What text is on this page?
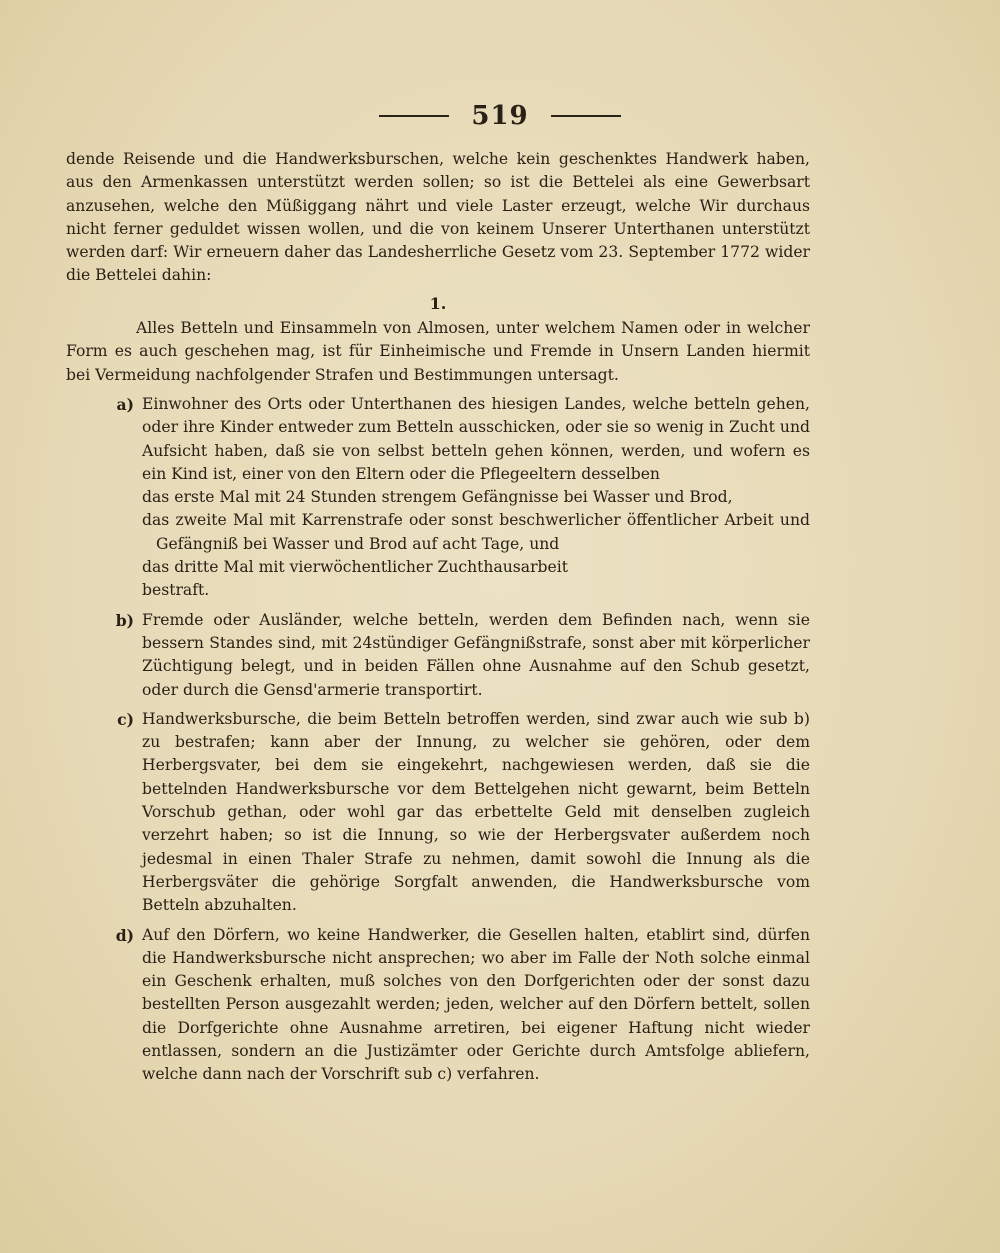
519

dende Reisende und die Handwerksburschen, welche kein geschenktes Handwerk haben, aus den Armenkassen unterstützt werden sollen; so ist die Bettelei als eine Gewerbsart anzusehen, welche den Müßiggang nährt und viele Laster erzeugt, welche Wir durchaus nicht ferner geduldet wissen wollen, und die von keinem Unserer Unterthanen unterstützt werden darf: Wir erneuern daher das Landesherrliche Gesetz vom 23. September 1772 wider die Bettelei dahin:

1.

Alles Betteln und Einsammeln von Almosen, unter welchem Namen oder in welcher Form es auch geschehen mag, ist für Einheimische und Fremde in Unsern Landen hiermit bei Vermeidung nachfolgender Strafen und Bestimmungen untersagt.

a) Einwohner des Orts oder Unterthanen des hiesigen Landes, welche betteln gehen, oder ihre Kinder entweder zum Betteln ausschicken, oder sie so wenig in Zucht und Aufsicht haben, daß sie von selbst betteln gehen können, werden, und wofern es ein Kind ist, einer von den Eltern oder die Pflegeeltern desselben

das erste Mal mit 24 Stunden strengem Gefängnisse bei Wasser und Brod,

das zweite Mal mit Karrenstrafe oder sonst beschwerlicher öffentlicher Arbeit und Gefängniß bei Wasser und Brod auf acht Tage, und

das dritte Mal mit vierwöchentlicher Zuchthausarbeit

bestraft.

b) Fremde oder Ausländer, welche betteln, werden dem Befinden nach, wenn sie bessern Standes sind, mit 24stündiger Gefängnißstrafe, sonst aber mit körperlicher Züchtigung belegt, und in beiden Fällen ohne Ausnahme auf den Schub gesetzt, oder durch die Gensd'armerie transportirt.

c) Handwerksbursche, die beim Betteln betroffen werden, sind zwar auch wie sub b) zu bestrafen; kann aber der Innung, zu welcher sie gehören, oder dem Herbergsvater, bei dem sie eingekehrt, nachgewiesen werden, daß sie die bettelnden Handwerksbursche vor dem Bettelgehen nicht gewarnt, beim Betteln Vorschub gethan, oder wohl gar das erbettelte Geld mit denselben zugleich verzehrt haben; so ist die Innung, so wie der Herbergsvater außerdem noch jedesmal in einen Thaler Strafe zu nehmen, damit sowohl die Innung als die Herbergsväter die gehörige Sorgfalt anwenden, die Handwerksbursche vom Betteln abzuhalten.

d) Auf den Dörfern, wo keine Handwerker, die Gesellen halten, etablirt sind, dürfen die Handwerksbursche nicht ansprechen; wo aber im Falle der Noth solche einmal ein Geschenk erhalten, muß solches von den Dorfgerichten oder der sonst dazu bestellten Person ausgezahlt werden; jeden, welcher auf den Dörfern bettelt, sollen die Dorfgerichte ohne Ausnahme arretiren, bei eigener Haftung nicht wieder entlassen, sondern an die Justizämter oder Gerichte durch Amtsfolge abliefern, welche dann nach der Vorschrift sub c) verfahren.
